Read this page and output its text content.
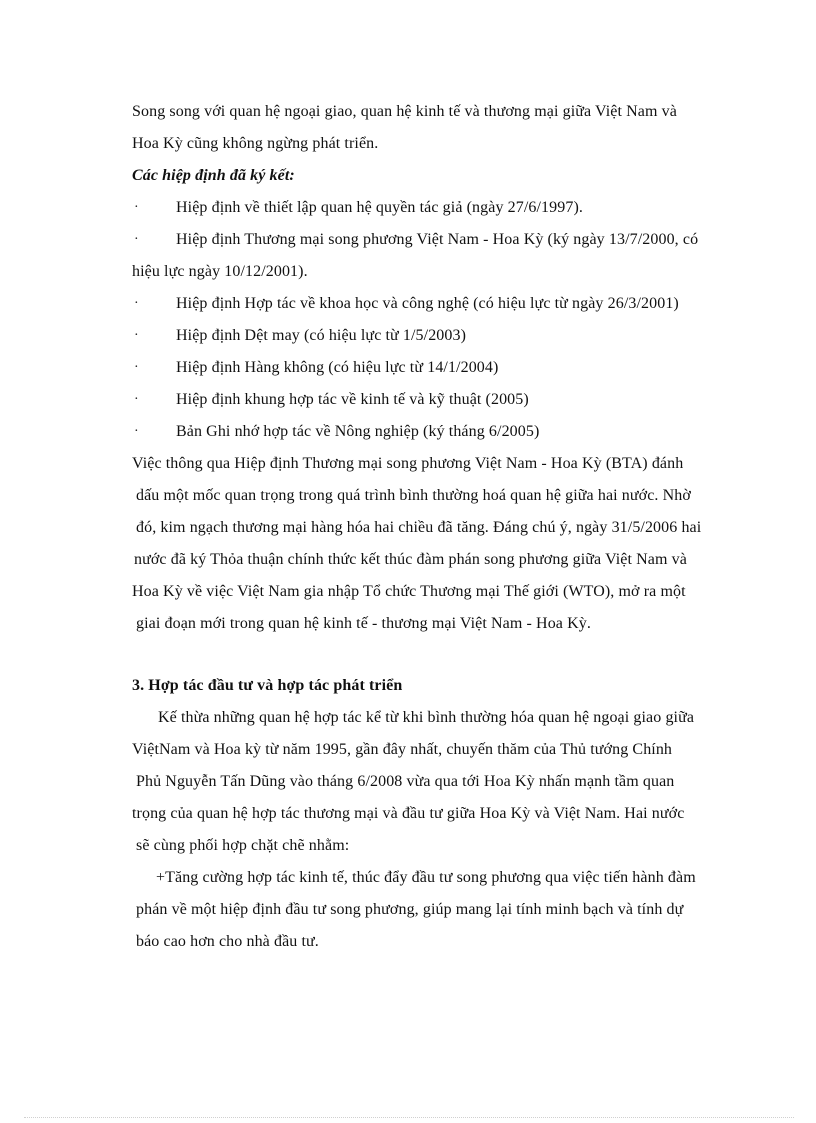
Song song với quan hệ ngoại giao, quan hệ kinh tế và thương mại giữa Việt Nam và
Hoa Kỳ cũng không ngừng phát triển.
Các hiệp định đã ký kết:
· Hiệp định về thiết lập quan hệ quyền tác giả (ngày 27/6/1997).
· Hiệp định Thương mại song phương Việt Nam - Hoa Kỳ (ký ngày 13/7/2000, có
hiệu lực ngày 10/12/2001).
· Hiệp định Hợp tác về khoa học và công nghệ (có hiệu lực từ ngày 26/3/2001)
· Hiệp định Dệt may (có hiệu lực từ 1/5/2003)
· Hiệp định Hàng không (có hiệu lực từ 14/1/2004)
· Hiệp định khung hợp tác về kinh tế và kỹ thuật (2005)
· Bản Ghi nhớ hợp tác về Nông nghiệp (ký tháng 6/2005)
Việc thông qua Hiệp định Thương mại song phương Việt Nam - Hoa Kỳ (BTA) đánh
dấu một mốc quan trọng trong quá trình bình thường hoá quan hệ giữa hai nước. Nhờ
đó, kim ngạch thương mại hàng hóa hai chiều đã tăng. Đáng chú ý, ngày 31/5/2006 hai
nước đã ký Thỏa thuận chính thức kết thúc đàm phán song phương giữa Việt Nam và
Hoa Kỳ về việc Việt Nam gia nhập Tổ chức Thương mại Thế giới (WTO), mở ra một
giai đoạn mới trong quan hệ kinh tế - thương mại Việt Nam - Hoa Kỳ.
3. Hợp tác đầu tư và hợp tác phát triển
Kế thừa những quan hệ hợp tác kể từ khi bình thường hóa quan hệ ngoại giao giữa
ViệtNam và Hoa kỳ từ năm 1995, gần đây nhất, chuyến thăm của Thủ tướng Chính
Phủ Nguyễn Tấn Dũng vào tháng 6/2008 vừa qua tới Hoa Kỳ nhấn mạnh tầm quan
trọng của quan hệ hợp tác thương mại và đầu tư giữa Hoa Kỳ và Việt Nam. Hai nước
sẽ cùng phối hợp chặt chẽ nhằm:
+Tăng cường hợp tác kinh tế, thúc đẩy đầu tư song phương qua việc tiến hành đàm
phán về một hiệp định đầu tư song phương, giúp mang lại tính minh bạch và tính dự
báo cao hơn cho nhà đầu tư.
